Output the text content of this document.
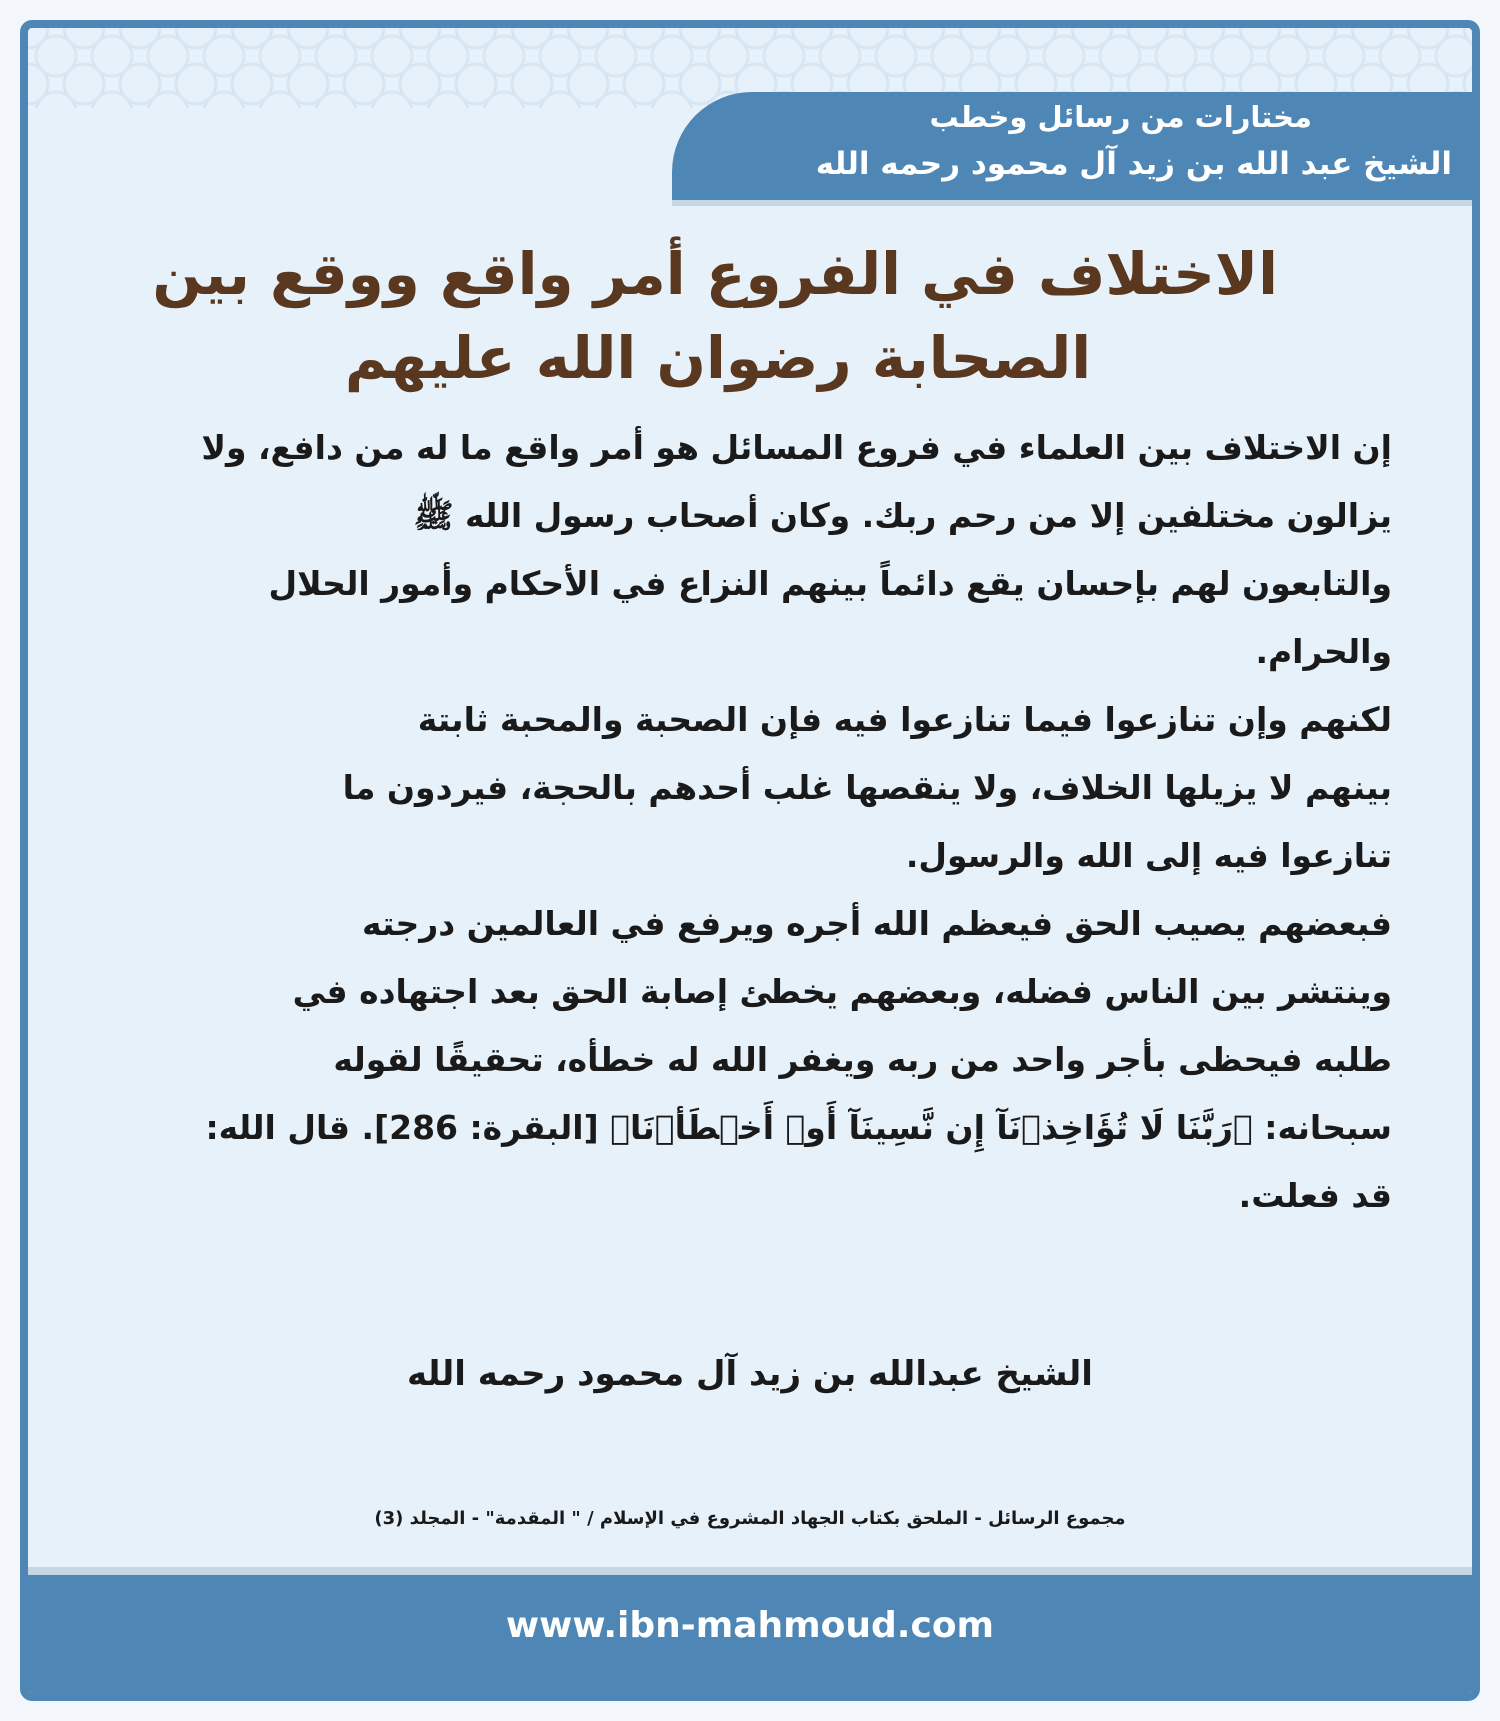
مختارات من رسائل وخطب
الشيخ عبد الله بن زيد آل محمود رحمه الله
الاختلاف في الفروع أمر واقع ووقع بين
الصحابة رضوان الله عليهم
إن الاختلاف بين العلماء في فروع المسائل هو أمر واقع ما له من دافع، ولا
يزالون مختلفين إلا من رحم ربك. وكان أصحاب رسول الله ﷺ
والتابعون لهم بإحسان يقع دائماً بينهم النزاع في الأحكام وأمور الحلال
والحرام.
لكنهم وإن تنازعوا فيما تنازعوا فيه فإن الصحبة والمحبة ثابتة
بينهم لا يزيلها الخلاف، ولا ينقصها غلب أحدهم بالحجة، فيردون ما
تنازعوا فيه إلى الله والرسول.
فبعضهم يصيب الحق فيعظم الله أجره ويرفع في العالمين درجته
وينتشر بين الناس فضله، وبعضهم يخطئ إصابة الحق بعد اجتهاده في
طلبه فيحظى بأجر واحد من ربه ويغفر الله له خطأه، تحقيقًا لقوله
سبحانه: ﴿رَبَّنَا لَا تُؤَاخِذۡنَآ إِن نَّسِينَآ أَوۡ أَخۡطَأۡنَا﴾ [البقرة: 286]. قال الله:
قد فعلت.
الشيخ عبدالله بن زيد آل محمود رحمه الله
مجموع الرسائل - الملحق بكتاب الجهاد المشروع في الإسلام / " المقدمة" - المجلد (3)
www.ibn-mahmoud.com
